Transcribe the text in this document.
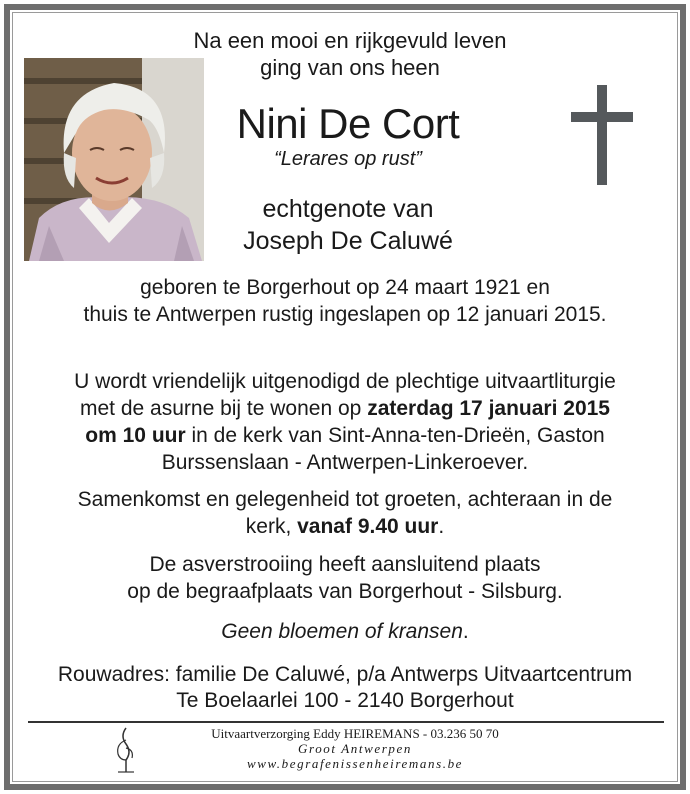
Na een mooi en rijkgevuld leven
ging van ons heen
Nini De Cort
“Lerares op rust”
echtgenote van
Joseph De Caluwé
geboren te Borgerhout op 24 maart 1921 en
thuis te Antwerpen rustig ingeslapen op 12 januari 2015.
U wordt vriendelijk uitgenodigd de plechtige uitvaartliturgie
met de asurne bij te wonen op zaterdag 17 januari 2015
om 10 uur in de kerk van Sint-Anna-ten-Drieën, Gaston
Burssenslaan - Antwerpen-Linkeroever.
Samenkomst en gelegenheid tot groeten, achteraan in de
kerk, vanaf 9.40 uur.
De asverstrooiing heeft aansluitend plaats
op de begraafplaats van Borgerhout - Silsburg.
Geen bloemen of kransen.
Rouwadres: familie De Caluwé, p/a Antwerps Uitvaartcentrum
Te Boelaarlei 100 - 2140 Borgerhout
Uitvaartverzorging Eddy HEIREMANS - 03.236 50 70
Groot Antwerpen
www.begrafenissenheiremans.be
